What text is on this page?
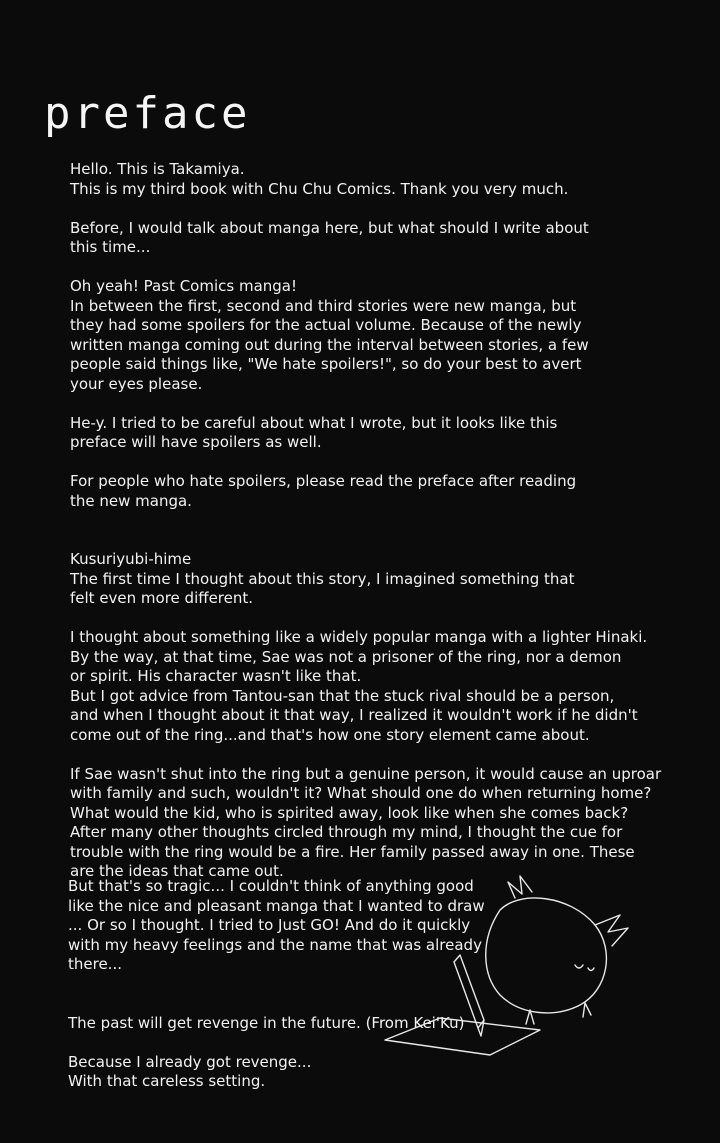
preface

Hello. This is Takamiya.
This is my third book with Chu Chu Comics. Thank you very much.

Before, I would talk about manga here, but what should I write about
this time...

Oh yeah! Past Comics manga!
In between the first, second and third stories were new manga, but
they had some spoilers for the actual volume. Because of the newly
written manga coming out during the interval between stories, a few
people said things like, "We hate spoilers!", so do your best to avert
your eyes please.

He-y. I tried to be careful about what I wrote, but it looks like this
preface will have spoilers as well.

For people who hate spoilers, please read the preface after reading
the new manga.

Kusuriyubi-hime
The first time I thought about this story, I imagined something that
felt even more different.

I thought about something like a widely popular manga with a lighter Hinaki.
By the way, at that time, Sae was not a prisoner of the ring, nor a demon
or spirit. His character wasn't like that.
But I got advice from Tantou-san that the stuck rival should be a person,
and when I thought about it that way, I realized it wouldn't work if he didn't
come out of the ring...and that's how one story element came about.

If Sae wasn't shut into the ring but a genuine person, it would cause an uproar
with family and such, wouldn't it? What should one do when returning home?
What would the kid, who is spirited away, look like when she comes back?
After many other thoughts circled through my mind, I thought the cue for
trouble with the ring would be a fire. Her family passed away in one. These
are the ideas that came out.

But that's so tragic... I couldn't think of anything good
like the nice and pleasant manga that I wanted to draw
... Or so I thought. I tried to Just GO! And do it quickly
with my heavy feelings and the name that was already
there...

The past will get revenge in the future. (From Kei'Ku)

Because I already got revenge...
With that careless setting.
